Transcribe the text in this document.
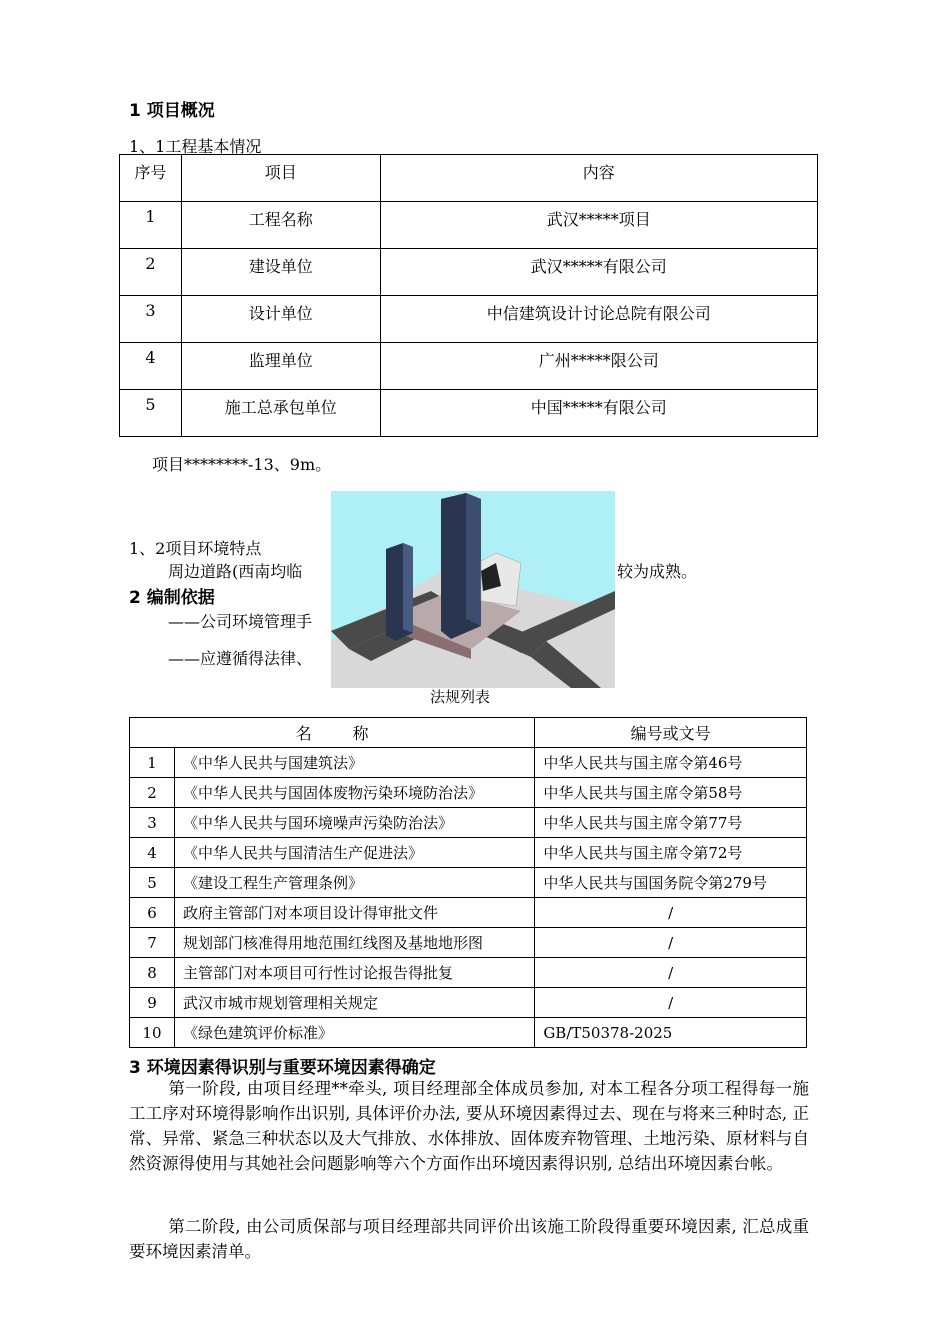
1 项目概况
1、1工程基本情况
序号	项目	内容
1	工程名称	武汉*****项目
2	建设单位	武汉*****有限公司
3	设计单位	中信建筑设计讨论总院有限公司
4	监理单位	广州*****限公司
5	施工总承包单位	中国*****有限公司
项目********-13、9m。
1、2项目环境特点
周边道路(西南均临	较为成熟。
2 编制依据
——公司环境管理手
——应遵循得法律、
法规列表
名        称		编号或文号
1	《中华人民共与国建筑法》	中华人民共与国主席令第46号
2	《中华人民共与国固体废物污染环境防治法》	中华人民共与国主席令第58号
3	《中华人民共与国环境噪声污染防治法》	中华人民共与国主席令第77号
4	《中华人民共与国清洁生产促进法》	中华人民共与国主席令第72号
5	《建设工程生产管理条例》	中华人民共与国国务院令第279号
6	政府主管部门对本项目设计得审批文件	/
7	规划部门核准得用地范围红线图及基地地形图	/
8	主管部门对本项目可行性讨论报告得批复	/
9	武汉市城市规划管理相关规定	/
10	《绿色建筑评价标准》	GB/T50378-2025
3 环境因素得识别与重要环境因素得确定
第一阶段, 由项目经理**牵头, 项目经理部全体成员参加, 对本工程各分项工程得每一施工工序对环境得影响作出识别, 具体评价办法, 要从环境因素得过去、现在与将来三种时态, 正常、异常、紧急三种状态以及大气排放、水体排放、固体废弃物管理、土地污染、原材料与自然资源得使用与其她社会问题影响等六个方面作出环境因素得识别, 总结出环境因素台帐。
第二阶段, 由公司质保部与项目经理部共同评价出该施工阶段得重要环境因素, 汇总成重要环境因素清单。
